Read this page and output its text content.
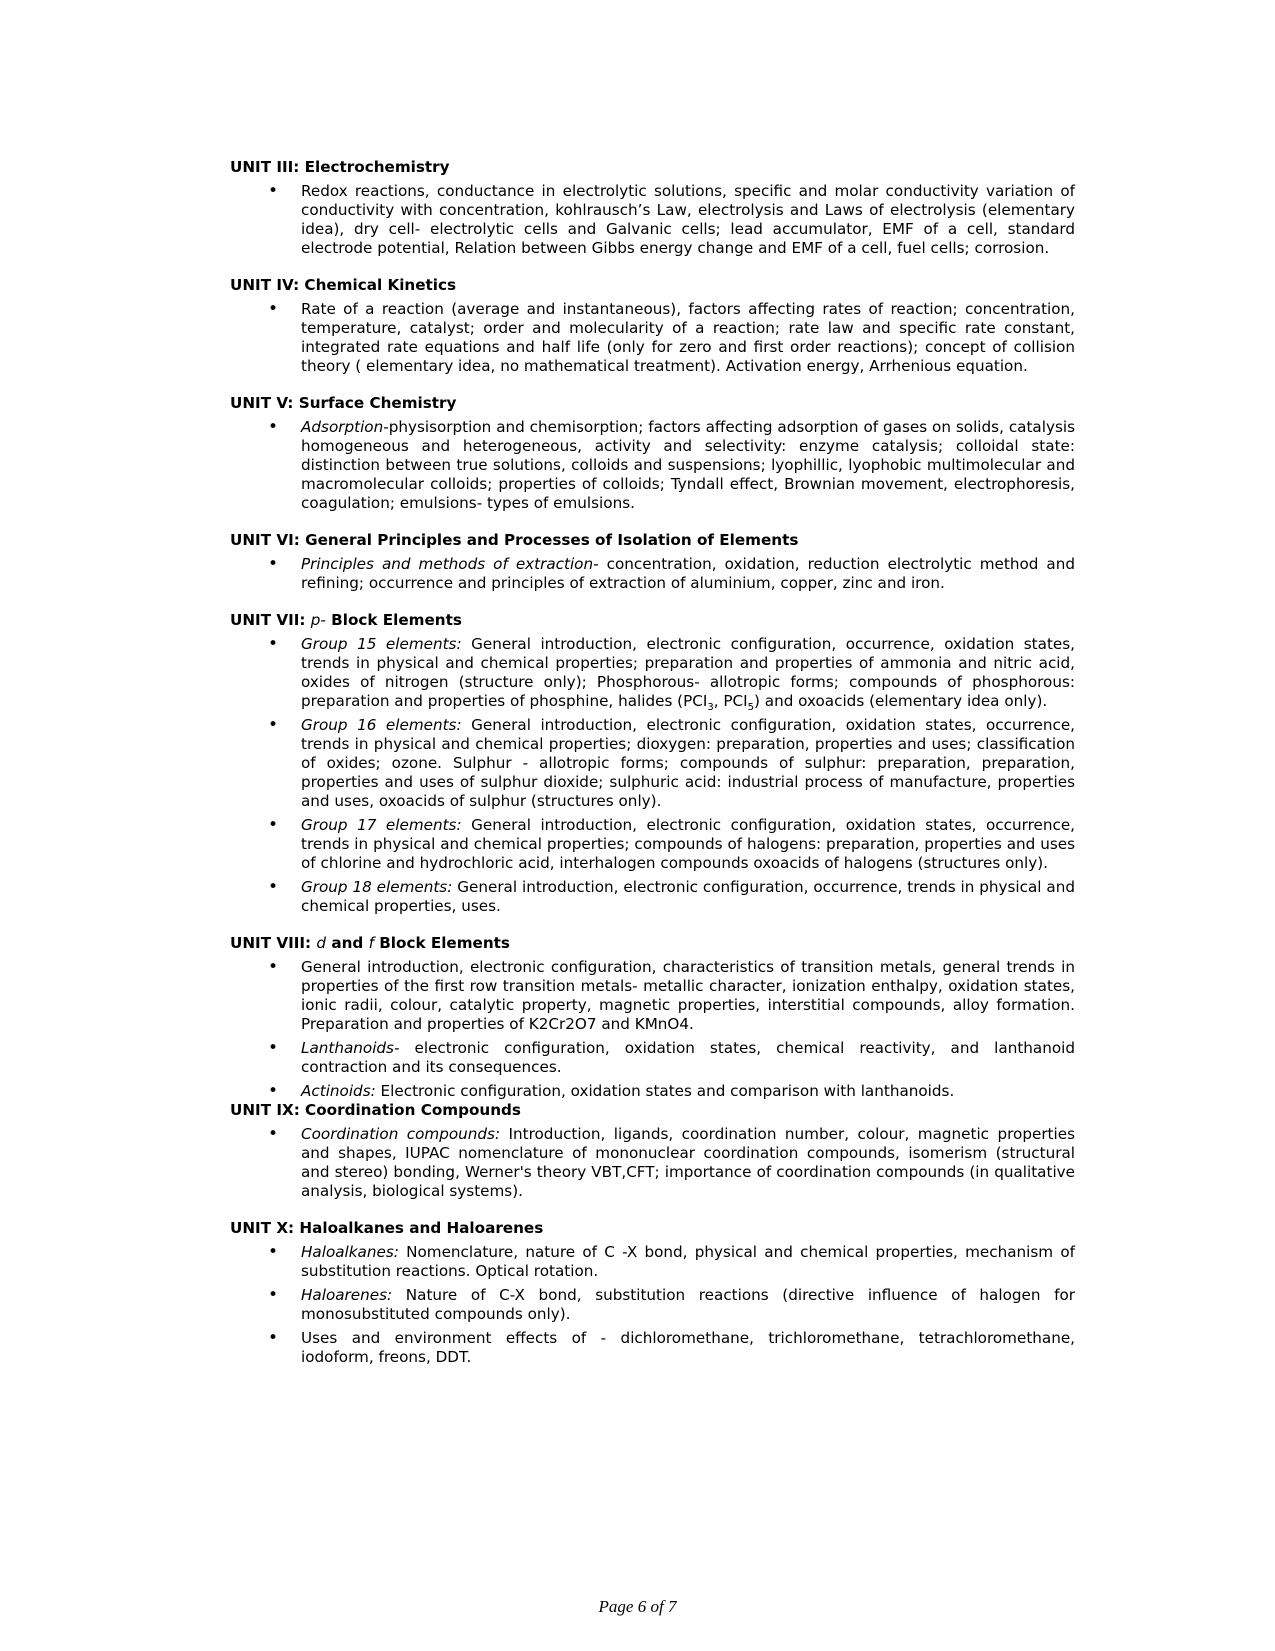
UNIT III: Electrochemistry
• Redox reactions, conductance in electrolytic solutions, specific and molar conductivity variation of conductivity with concentration, kohlrausch’s Law, electrolysis and Laws of electrolysis (elementary idea), dry cell- electrolytic cells and Galvanic cells; lead accumulator, EMF of a cell, standard electrode potential, Relation between Gibbs energy change and EMF of a cell, fuel cells; corrosion.
UNIT IV: Chemical Kinetics
• Rate of a reaction (average and instantaneous), factors affecting rates of reaction; concentration, temperature, catalyst; order and molecularity of a reaction; rate law and specific rate constant, integrated rate equations and half life (only for zero and first order reactions); concept of collision theory ( elementary idea, no mathematical treatment). Activation energy, Arrhenious equation.
UNIT V: Surface Chemistry
• Adsorption-physisorption and chemisorption; factors affecting adsorption of gases on solids, catalysis homogeneous and heterogeneous, activity and selectivity: enzyme catalysis; colloidal state: distinction between true solutions, colloids and suspensions; lyophillic, lyophobic multimolecular and macromolecular colloids; properties of colloids; Tyndall effect, Brownian movement, electrophoresis, coagulation; emulsions- types of emulsions.
UNIT VI: General Principles and Processes of Isolation of Elements
• Principles and methods of extraction- concentration, oxidation, reduction electrolytic method and refining; occurrence and principles of extraction of aluminium, copper, zinc and iron.
UNIT VII: p- Block Elements
• Group 15 elements: General introduction, electronic configuration, occurrence, oxidation states, trends in physical and chemical properties; preparation and properties of ammonia and nitric acid, oxides of nitrogen (structure only); Phosphorous- allotropic forms; compounds of phosphorous: preparation and properties of phosphine, halides ($PCI_3$, $PCI_5$) and oxoacids (elementary idea only).
• Group 16 elements: General introduction, electronic configuration, oxidation states, occurrence, trends in physical and chemical properties; dioxygen: preparation, properties and uses; classification of oxides; ozone. Sulphur - allotropic forms; compounds of sulphur: preparation, preparation, properties and uses of sulphur dioxide; sulphuric acid: industrial process of manufacture, properties and uses, oxoacids of sulphur (structures only).
• Group 17 elements: General introduction, electronic configuration, oxidation states, occurrence, trends in physical and chemical properties; compounds of halogens: preparation, properties and uses of chlorine and hydrochloric acid, interhalogen compounds oxoacids of halogens (structures only).
• Group 18 elements: General introduction, electronic configuration, occurrence, trends in physical and chemical properties, uses.
UNIT VIII: d and f Block Elements
• General introduction, electronic configuration, characteristics of transition metals, general trends in properties of the first row transition metals- metallic character, ionization enthalpy, oxidation states, ionic radii, colour, catalytic property, magnetic properties, interstitial compounds, alloy formation. Preparation and properties of K2Cr2O7 and KMnO4.
• Lanthanoids- electronic configuration, oxidation states, chemical reactivity, and lanthanoid contraction and its consequences.
• Actinoids: Electronic configuration, oxidation states and comparison with lanthanoids.
UNIT IX: Coordination Compounds
• Coordination compounds: Introduction, ligands, coordination number, colour, magnetic properties and shapes, IUPAC nomenclature of mononuclear coordination compounds, isomerism (structural and stereo) bonding, Werner's theory VBT,CFT; importance of coordination compounds (in qualitative analysis, biological systems).
UNIT X: Haloalkanes and Haloarenes
• Haloalkanes: Nomenclature, nature of C -X bond, physical and chemical properties, mechanism of substitution reactions. Optical rotation.
• Haloarenes: Nature of C-X bond, substitution reactions (directive influence of halogen for monosubstituted compounds only).
• Uses and environment effects of - dichloromethane, trichloromethane, tetrachloromethane, iodoform, freons, DDT.
Page 6 of 7
